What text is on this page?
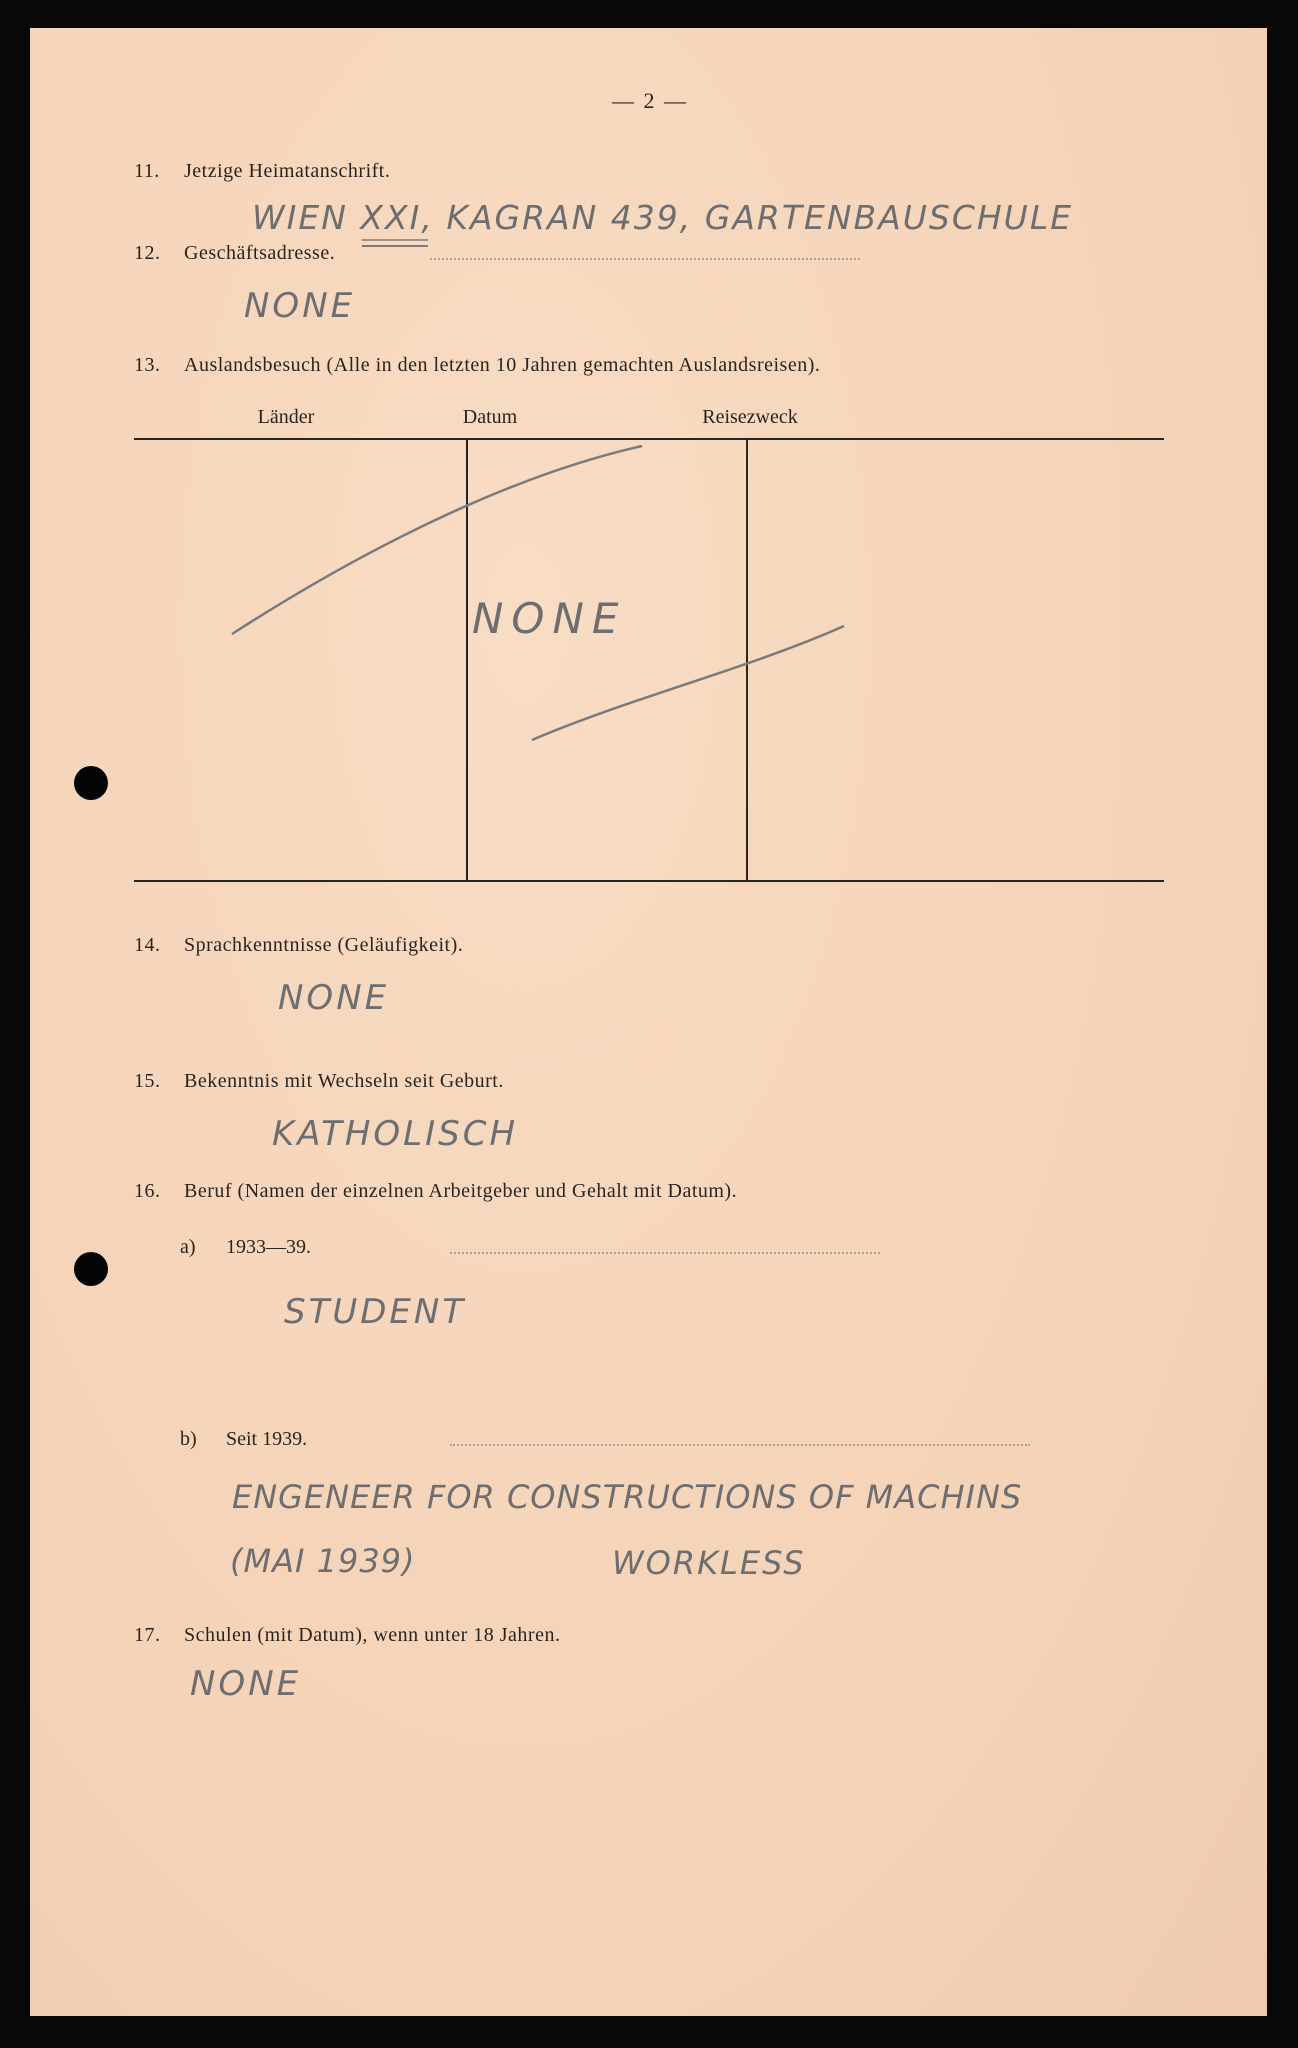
— 2 —
11. Jetzige Heimatanschrift.
WIEN XXI, KAGRAN 439, GARTENBAUSCHULE
12. Geschäftsadresse.
NONE
13. Auslandsbesuch (Alle in den letzten 10 Jahren gemachten Auslandsreisen).
Länder	Datum	Reisezweck
NONE
14. Sprachkenntnisse (Geläufigkeit).
NONE
15. Bekenntnis mit Wechseln seit Geburt.
KATHOLISCH
16. Beruf (Namen der einzelnen Arbeitgeber und Gehalt mit Datum).
a) 1933—39.
STUDENT
b) Seit 1939.
ENGENEER FOR CONSTRUCTIONS OF MACHINS
(MAI 1939)	WORKLESS
17. Schulen (mit Datum), wenn unter 18 Jahren.
NONE
